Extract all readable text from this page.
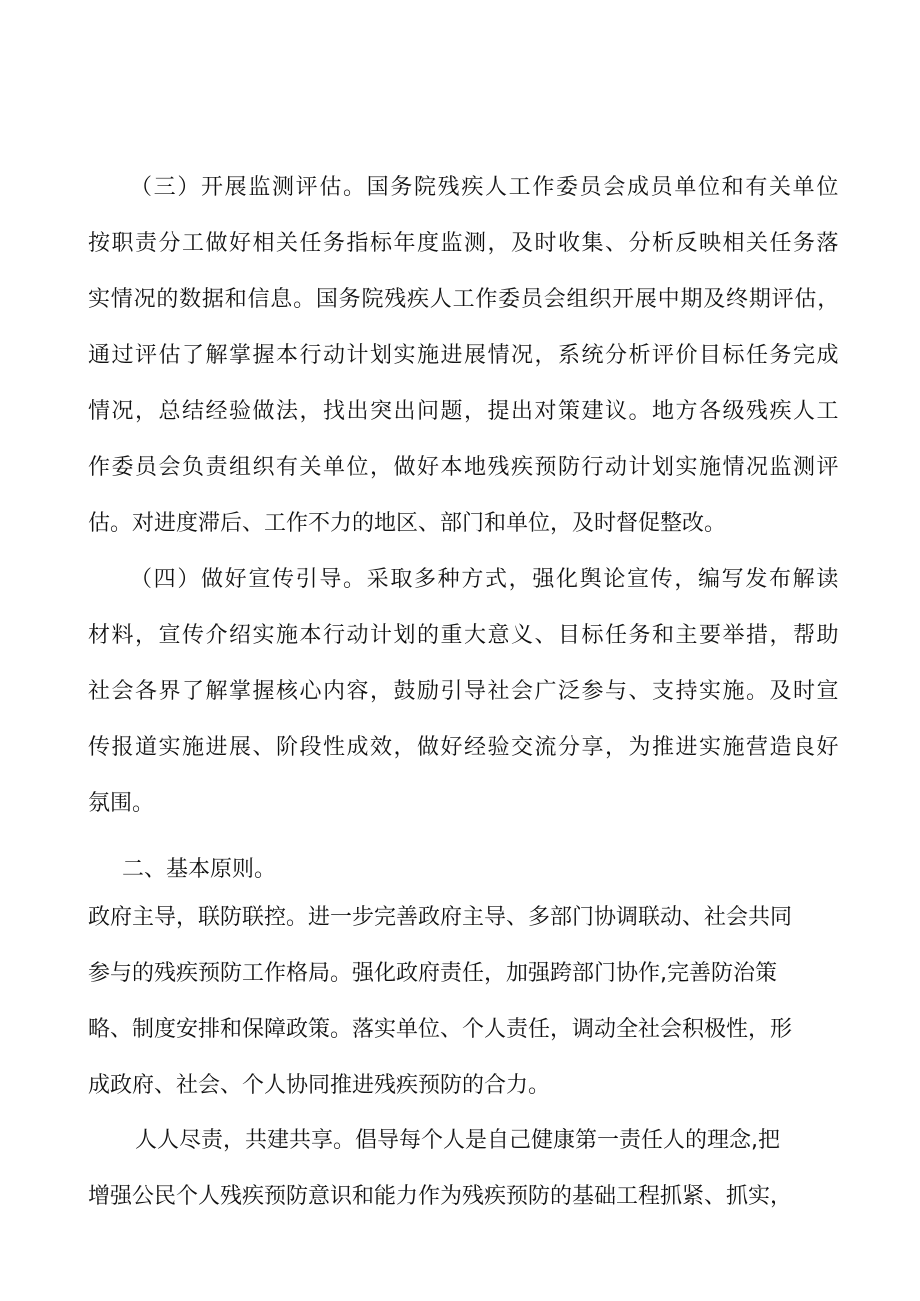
（三）开展监测评估。国务院残疾人工作委员会成员单位和有关单位
按职责分工做好相关任务指标年度监测，及时收集、分析反映相关任务落
实情况的数据和信息。国务院残疾人工作委员会组织开展中期及终期评估，
通过评估了解掌握本行动计划实施进展情况，系统分析评价目标任务完成
情况，总结经验做法，找出突出问题，提出对策建议。地方各级残疾人工
作委员会负责组织有关单位，做好本地残疾预防行动计划实施情况监测评
估。对进度滞后、工作不力的地区、部门和单位，及时督促整改。
（四）做好宣传引导。采取多种方式，强化舆论宣传，编写发布解读
材料，宣传介绍实施本行动计划的重大意义、目标任务和主要举措，帮助
社会各界了解掌握核心内容，鼓励引导社会广泛参与、支持实施。及时宣
传报道实施进展、阶段性成效，做好经验交流分享，为推进实施营造良好
氛围。
二、基本原则。
政府主导，联防联控。进一步完善政府主导、多部门协调联动、社会共同
参与的残疾预防工作格局。强化政府责任，加强跨部门协作,完善防治策
略、制度安排和保障政策。落实单位、个人责任，调动全社会积极性，形
成政府、社会、个人协同推进残疾预防的合力。
人人尽责，共建共享。倡导每个人是自己健康第一责任人的理念,把
增强公民个人残疾预防意识和能力作为残疾预防的基础工程抓紧、抓实，
